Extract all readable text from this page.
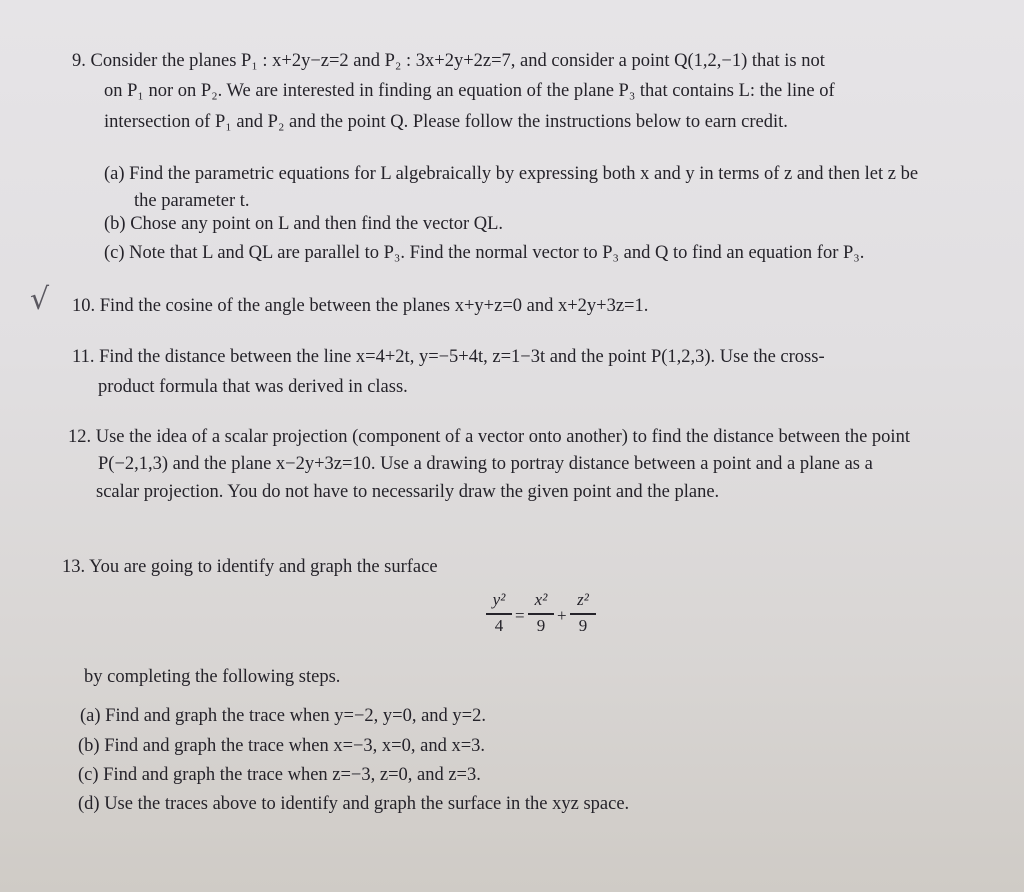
9. Consider the planes P₁ : x+2y−z=2 and P₂ : 3x+2y+2z=7, and consider a point Q(1,2,−1) that is not
on P₁ nor on P₂. We are interested in finding an equation of the plane P₃ that contains L: the line of
intersection of P₁ and P₂ and the point Q. Please follow the instructions below to earn credit.
(a) Find the parametric equations for L algebraically by expressing both x and y in terms of z and then let z be
the parameter t.
(b) Chose any point on L and then find the vector QL.
(c) Note that L and QL are parallel to P₃. Find the normal vector to P₃ and Q to find an equation for P₃.
√ 10. Find the cosine of the angle between the planes x+y+z=0 and x+2y+3z=1.
11. Find the distance between the line x=4+2t, y=−5+4t, z=1−3t and the point P(1,2,3). Use the cross-
product formula that was derived in class.
12. Use the idea of a scalar projection (component of a vector onto another) to find the distance between the point
P(−2,1,3) and the plane x−2y+3z=10. Use a drawing to portray distance between a point and a plane as a
scalar projection. You do not have to necessarily draw the given point and the plane.
13. You are going to identify and graph the surface
y²
4
=
x²
9
+
z²
9
by completing the following steps.
(a) Find and graph the trace when y=−2, y=0, and y=2.
(b) Find and graph the trace when x=−3, x=0, and x=3.
(c) Find and graph the trace when z=−3, z=0, and z=3.
(d) Use the traces above to identify and graph the surface in the xyz space.
